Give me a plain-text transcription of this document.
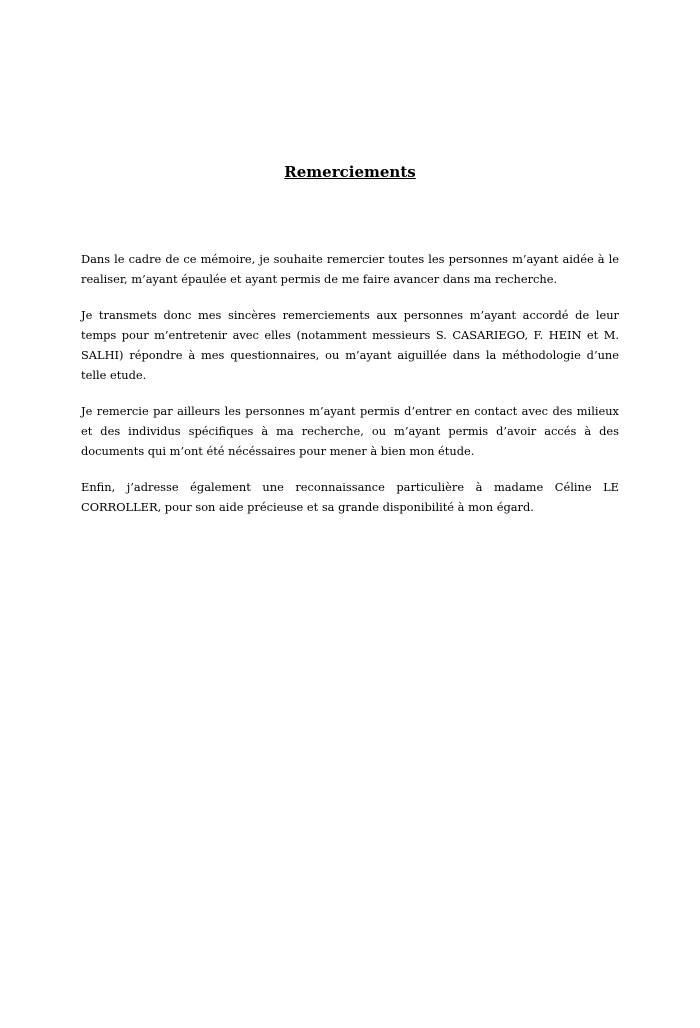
Remerciements

Dans le cadre de ce mémoire, je souhaite remercier toutes les personnes m’ayant aidée à le realiser, m’ayant épaulée et ayant permis de me faire avancer dans ma recherche.

Je transmets donc mes sincères remerciements aux personnes m’ayant accordé de leur temps pour m’entretenir avec elles (notamment messieurs S. CASARIEGO, F. HEIN et M. SALHI) répondre à mes questionnaires, ou m’ayant aiguillée dans la méthodologie d’une telle etude.

Je remercie par ailleurs les personnes m’ayant permis d’entrer en contact avec des milieux et des individus spécifiques à ma recherche, ou m’ayant permis d’avoir accés à des documents qui m’ont été nécéssaires pour mener à bien mon étude.

Enfin, j’adresse également une reconnaissance particulière à madame Céline LE CORROLLER, pour son aide précieuse et sa grande disponibilité à mon égard.
